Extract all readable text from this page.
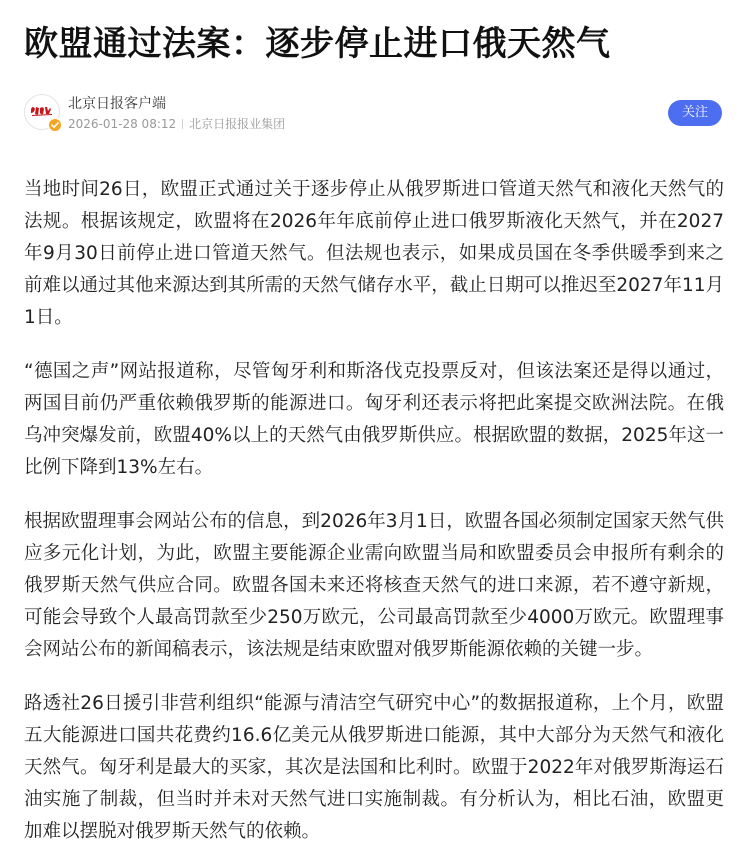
欧盟通过法案：逐步停止进口俄天然气
北京日报客户端
2026-01-28 08:12 北京日报报业集团
关注

当地时间26日，欧盟正式通过关于逐步停止从俄罗斯进口管道天然气和液化天然气的法规。根据该规定，欧盟将在2026年年底前停止进口俄罗斯液化天然气，并在2027年9月30日前停止进口管道天然气。但法规也表示，如果成员国在冬季供暖季到来之前难以通过其他来源达到其所需的天然气储存水平，截止日期可以推迟至2027年11月1日。

“德国之声”网站报道称，尽管匈牙利和斯洛伐克投票反对，但该法案还是得以通过，两国目前仍严重依赖俄罗斯的能源进口。匈牙利还表示将把此案提交欧洲法院。在俄乌冲突爆发前，欧盟40%以上的天然气由俄罗斯供应。根据欧盟的数据，2025年这一比例下降到13%左右。

根据欧盟理事会网站公布的信息，到2026年3月1日，欧盟各国必须制定国家天然气供应多元化计划，为此，欧盟主要能源企业需向欧盟当局和欧盟委员会申报所有剩余的俄罗斯天然气供应合同。欧盟各国未来还将核查天然气的进口来源，若不遵守新规，可能会导致个人最高罚款至少250万欧元，公司最高罚款至少4000万欧元。欧盟理事会网站公布的新闻稿表示，该法规是结束欧盟对俄罗斯能源依赖的关键一步。

路透社26日援引非营利组织“能源与清洁空气研究中心”的数据报道称，上个月，欧盟五大能源进口国共花费约16.6亿美元从俄罗斯进口能源，其中大部分为天然气和液化天然气。匈牙利是最大的买家，其次是法国和比利时。欧盟于2022年对俄罗斯海运石油实施了制裁，但当时并未对天然气进口实施制裁。有分析认为，相比石油，欧盟更加难以摆脱对俄罗斯天然气的依赖。
